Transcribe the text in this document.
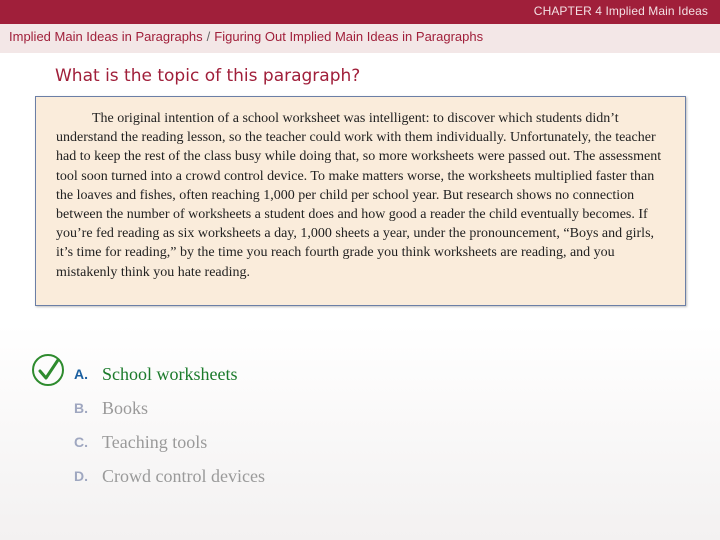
CHAPTER 4 Implied Main Ideas
Implied Main Ideas in Paragraphs / Figuring Out Implied Main Ideas in Paragraphs
What is the topic of this paragraph?

The original intention of a school worksheet was intelligent: to discover which students didn’t understand the reading lesson, so the teacher could work with them individually. Unfortunately, the teacher had to keep the rest of the class busy while doing that, so more worksheets were passed out. The assessment tool soon turned into a crowd control device. To make matters worse, the worksheets multiplied faster than the loaves and fishes, often reaching 1,000 per child per school year. But research shows no connection between the number of worksheets a student does and how good a reader the child eventually becomes. If you’re fed reading as six worksheets a day, 1,000 sheets a year, under the pronouncement, “Boys and girls, it’s time for reading,” by the time you reach fourth grade you think worksheets are reading, and you mistakenly think you hate reading.

A. School worksheets
B. Books
C. Teaching tools
D. Crowd control devices
